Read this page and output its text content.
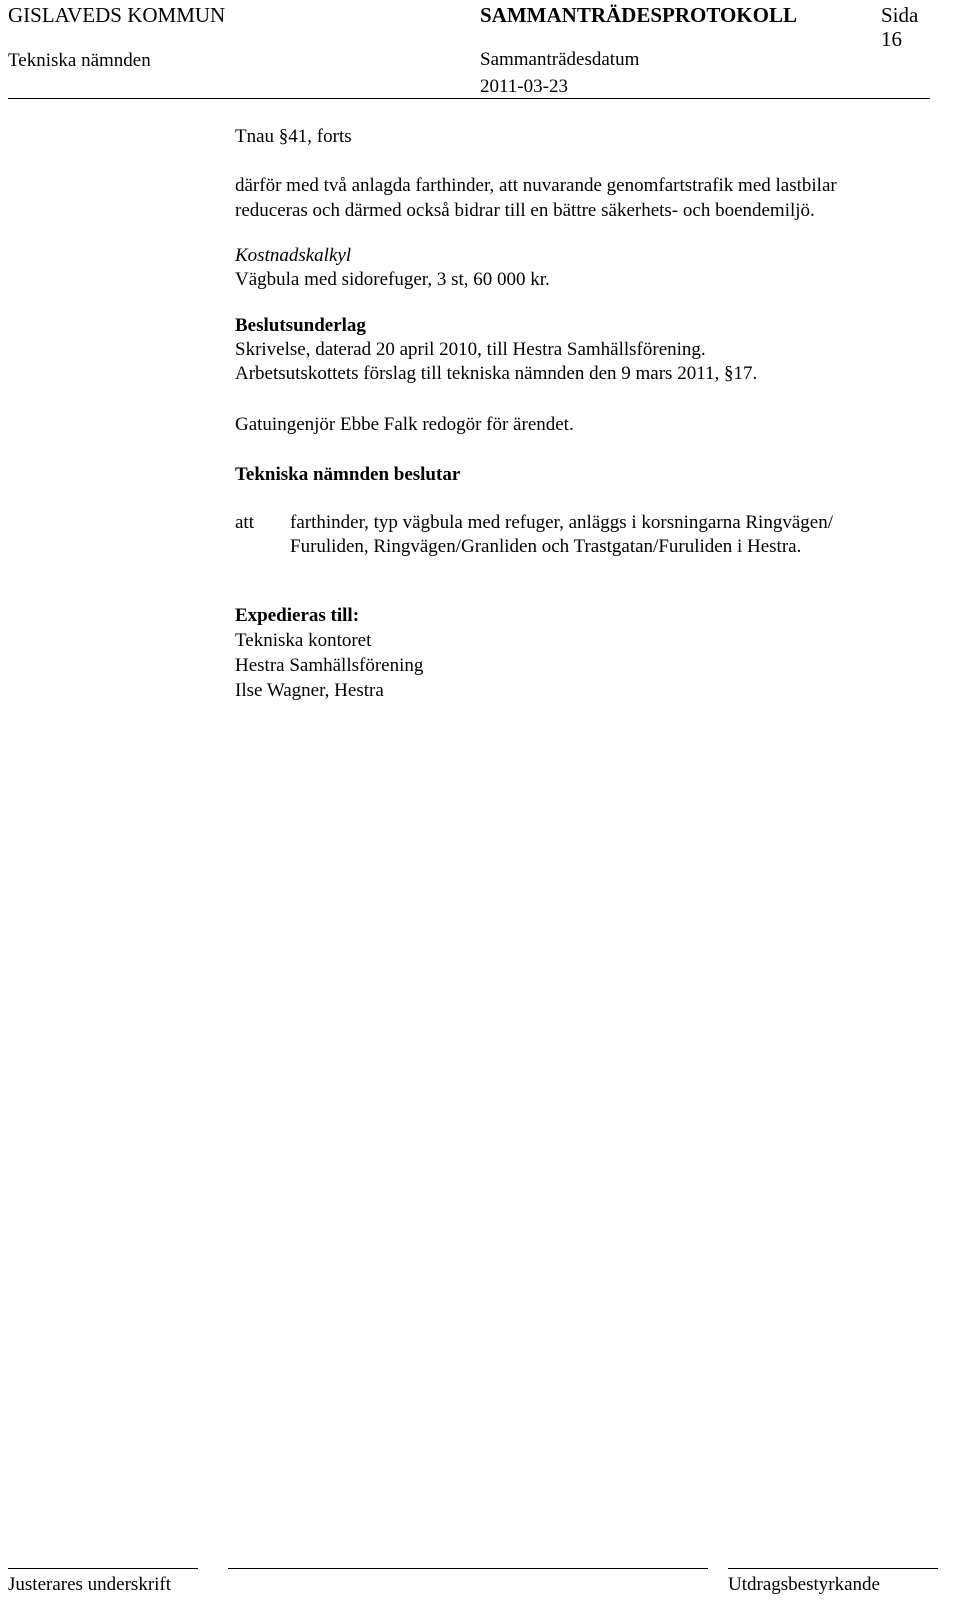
GISLAVEDS KOMMUN
Tekniska nämnden
SAMMANTRÄDESPROTOKOLL
Sammanträdesdatum
2011-03-23
Sida
16
Tnau §41, forts
därför med två anlagda farthinder, att nuvarande genomfartstrafik med lastbilar
reduceras och därmed också bidrar till en bättre säkerhets- och boendemiljö.
Kostnadskalkyl
Vägbula med sidorefuger, 3 st, 60 000 kr.
Beslutsunderlag
Skrivelse, daterad 20 april 2010, till Hestra Samhällsförening.
Arbetsutskottets förslag till tekniska nämnden den 9 mars 2011, §17.
Gatuingenjör Ebbe Falk redogör för ärendet.
Tekniska nämnden beslutar
att farthinder, typ vägbula med refuger, anläggs i korsningarna Ringvägen/
Furuliden, Ringvägen/Granliden och Trastgatan/Furuliden i Hestra.
Expedieras till:
Tekniska kontoret
Hestra Samhällsförening
Ilse Wagner, Hestra
Justerares underskrift	Utdragsbestyrkande
